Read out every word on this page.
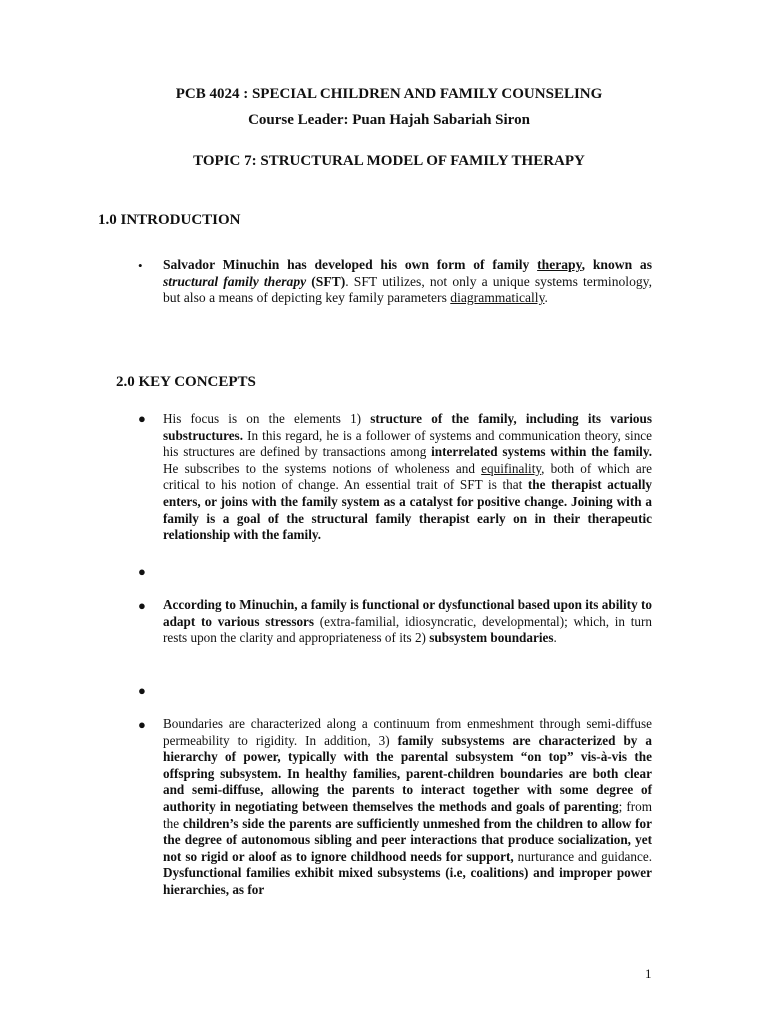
PCB 4024 : SPECIAL CHILDREN AND FAMILY COUNSELING
Course Leader: Puan Hajah Sabariah Siron
TOPIC 7: STRUCTURAL MODEL OF FAMILY THERAPY
1.0 INTRODUCTION
• Salvador Minuchin has developed his own form of family therapy, known as structural family therapy (SFT). SFT utilizes, not only a unique systems terminology, but also a means of depicting key family parameters diagrammatically.
2.0 KEY CONCEPTS
● His focus is on the elements 1) structure of the family, including its various substructures. In this regard, he is a follower of systems and communication theory, since his structures are defined by transactions among interrelated systems within the family. He subscribes to the systems notions of wholeness and equifinality, both of which are critical to his notion of change. An essential trait of SFT is that the therapist actually enters, or joins with the family system as a catalyst for positive change. Joining with a family is a goal of the structural family therapist early on in their therapeutic relationship with the family.
●
● According to Minuchin, a family is functional or dysfunctional based upon its ability to adapt to various stressors (extra-familial, idiosyncratic, developmental); which, in turn rests upon the clarity and appropriateness of its 2) subsystem boundaries.
●
● Boundaries are characterized along a continuum from enmeshment through semi-diffuse permeability to rigidity. In addition, 3) family subsystems are characterized by a hierarchy of power, typically with the parental subsystem “on top” vis-à-vis the offspring subsystem. In healthy families, parent-children boundaries are both clear and semi-diffuse, allowing the parents to interact together with some degree of authority in negotiating between themselves the methods and goals of parenting; from the children’s side the parents are sufficiently unmeshed from the children to allow for the degree of autonomous sibling and peer interactions that produce socialization, yet not so rigid or aloof as to ignore childhood needs for support, nurturance and guidance. Dysfunctional families exhibit mixed subsystems (i.e, coalitions) and improper power hierarchies, as for
1
